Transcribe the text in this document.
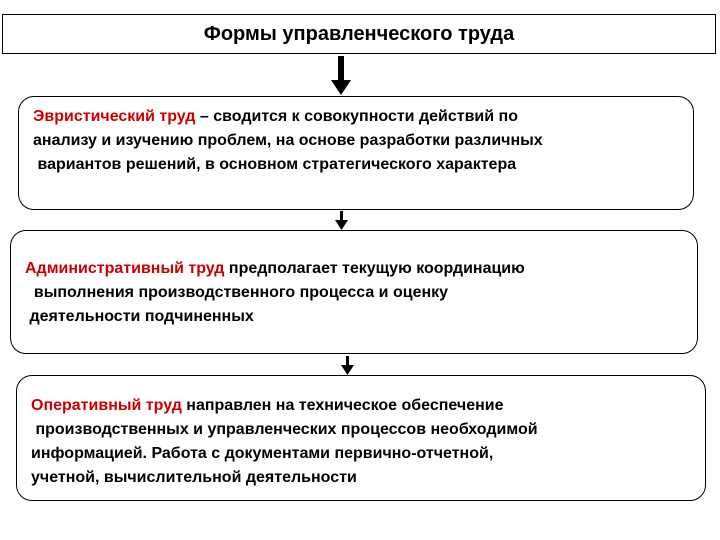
Формы управленческого труда
Эвристический труд – сводится к совокупности действий по
анализу и изучению проблем, на основе разработки различных
вариантов решений, в основном стратегического характера
Административный труд предполагает текущую координацию
выполнения производственного процесса и оценку
деятельности подчиненных
Оперативный труд направлен на техническое обеспечение
производственных и управленческих процессов необходимой
информацией. Работа с документами первично-отчетной,
учетной, вычислительной деятельности
